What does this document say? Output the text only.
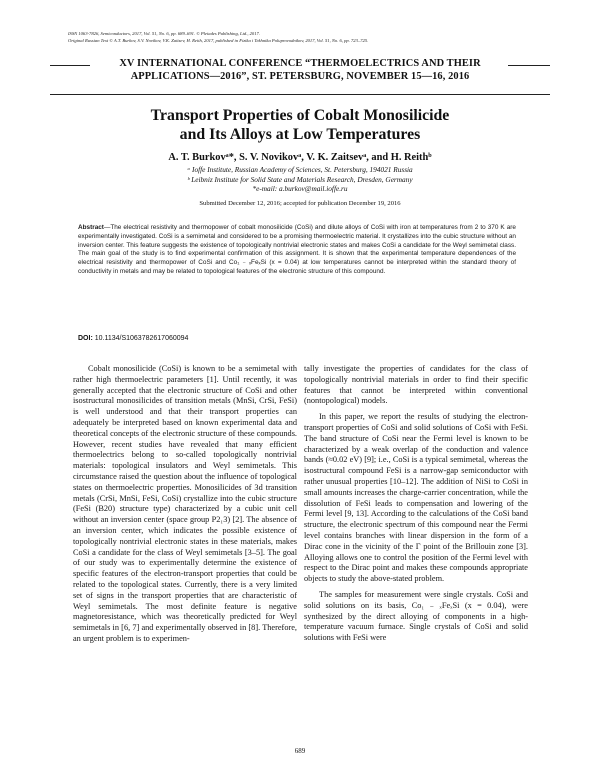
ISSN 1063-7826, Semiconductors, 2017, Vol. 51, No. 6, pp. 689–691. © Pleiades Publishing, Ltd., 2017.
Original Russian Text © A.T. Burkov, S.V. Novikov, V.K. Zaitsev, H. Reith, 2017, published in Fizika i Tekhnika Poluprovodnikov, 2017, Vol. 51, No. 6, pp. 723–725.
XV INTERNATIONAL CONFERENCE “THERMOELECTRICS AND THEIR
APPLICATIONS—2016”, ST. PETERSBURG, NOVEMBER 15—16, 2016
Transport Properties of Cobalt Monosilicide
and Its Alloys at Low Temperatures
A. T. Burkovᵃ*, S. V. Novikovᵃ, V. K. Zaitsevᵃ, and H. Reithᵇ
ᵃ Ioffe Institute, Russian Academy of Sciences, St. Petersburg, 194021 Russia
ᵇ Leibniz Institute for Solid State and Materials Research, Dresden, Germany
*e-mail: a.burkov@mail.ioffe.ru
Submitted December 12, 2016; accepted for publication December 19, 2016
Abstract—The electrical resistivity and thermopower of cobalt monosilicide (CoSi) and dilute alloys of CoSi with iron at temperatures from 2 to 370 K are experimentally investigated. CoSi is a semimetal and considered to be a promising thermoelectric material. It crystallizes into the cubic structure without an inversion center. This feature suggests the existence of topologically nontrivial electronic states and makes CoSi a candidate for the Weyl semimetal class. The main goal of the study is to find experimental confirmation of this assignment. It is shown that the experimental temperature dependences of the electrical resistivity and thermopower of CoSi and Co₁ ₋ ₓFeₓSi (x = 0.04) at low temperatures cannot be interpreted within the standard theory of conductivity in metals and may be related to topological features of the electronic structure of this compound.
DOI: 10.1134/S1063782617060094

Cobalt monosilicide (CoSi) is known to be a semimetal with rather high thermoelectric parameters [1]. Until recently, it was generally accepted that the electronic structure of CoSi and other isostructural monosilicides of transition metals (MnSi, CrSi, FeSi) is well understood and that their transport properties can adequately be interpreted based on known experimental data and theoretical concepts of the electronic structure of these compounds. However, recent studies have revealed that many efficient thermoelectrics belong to so-called topologically nontrivial materials: topological insulators and Weyl semimetals. This circumstance raised the question about the influence of topological states on thermoelectric properties. Monosilicides of 3d transition metals (CrSi, MnSi, FeSi, CoSi) crystallize into the cubic structure (FeSi (B20) structure type) characterized by a cubic unit cell without an inversion center (space group P2₁3) [2]. The absence of an inversion center, which indicates the possible existence of topologically nontrivial electronic states in these materials, makes CoSi a candidate for the class of Weyl semimetals [3–5]. The goal of our study was to experimentally determine the existence of specific features of the electron-transport properties that could be related to the topological states. Currently, there is a very limited set of signs in the transport properties that are characteristic of Weyl semimetals. The most definite feature is negative magnetoresistance, which was theoretically predicted for Weyl semimetals in [6, 7] and experimentally observed in [8]. Therefore, an urgent problem is to experimen-

tally investigate the properties of candidates for the class of topologically nontrivial materials in order to find their specific features that cannot be interpreted within conventional (nontopological) models.

In this paper, we report the results of studying the electron-transport properties of CoSi and solid solutions of CoSi with FeSi. The band structure of CoSi near the Fermi level is known to be characterized by a weak overlap of the conduction and valence bands (≈0.02 eV) [9]; i.e., CoSi is a typical semimetal, whereas the isostructural compound FeSi is a narrow-gap semiconductor with rather unusual properties [10–12]. The addition of NiSi to CoSi in small amounts increases the charge-carrier concentration, while the dissolution of FeSi leads to compensation and lowering of the Fermi level [9, 13]. According to the calculations of the CoSi band structure, the electronic spectrum of this compound near the Fermi level contains branches with linear dispersion in the form of a Dirac cone in the vicinity of the Γ point of the Brillouin zone [3]. Alloying allows one to control the position of the Fermi level with respect to the Dirac point and makes these compounds appropriate objects to study the above-stated problem.

The samples for measurement were single crystals. CoSi and solid solutions on its basis, Co₁ ₋ ₓFeₓSi (x = 0.04), were synthesized by the direct alloying of components in a high-temperature vacuum furnace. Single crystals of CoSi and solid solutions with FeSi were

689
